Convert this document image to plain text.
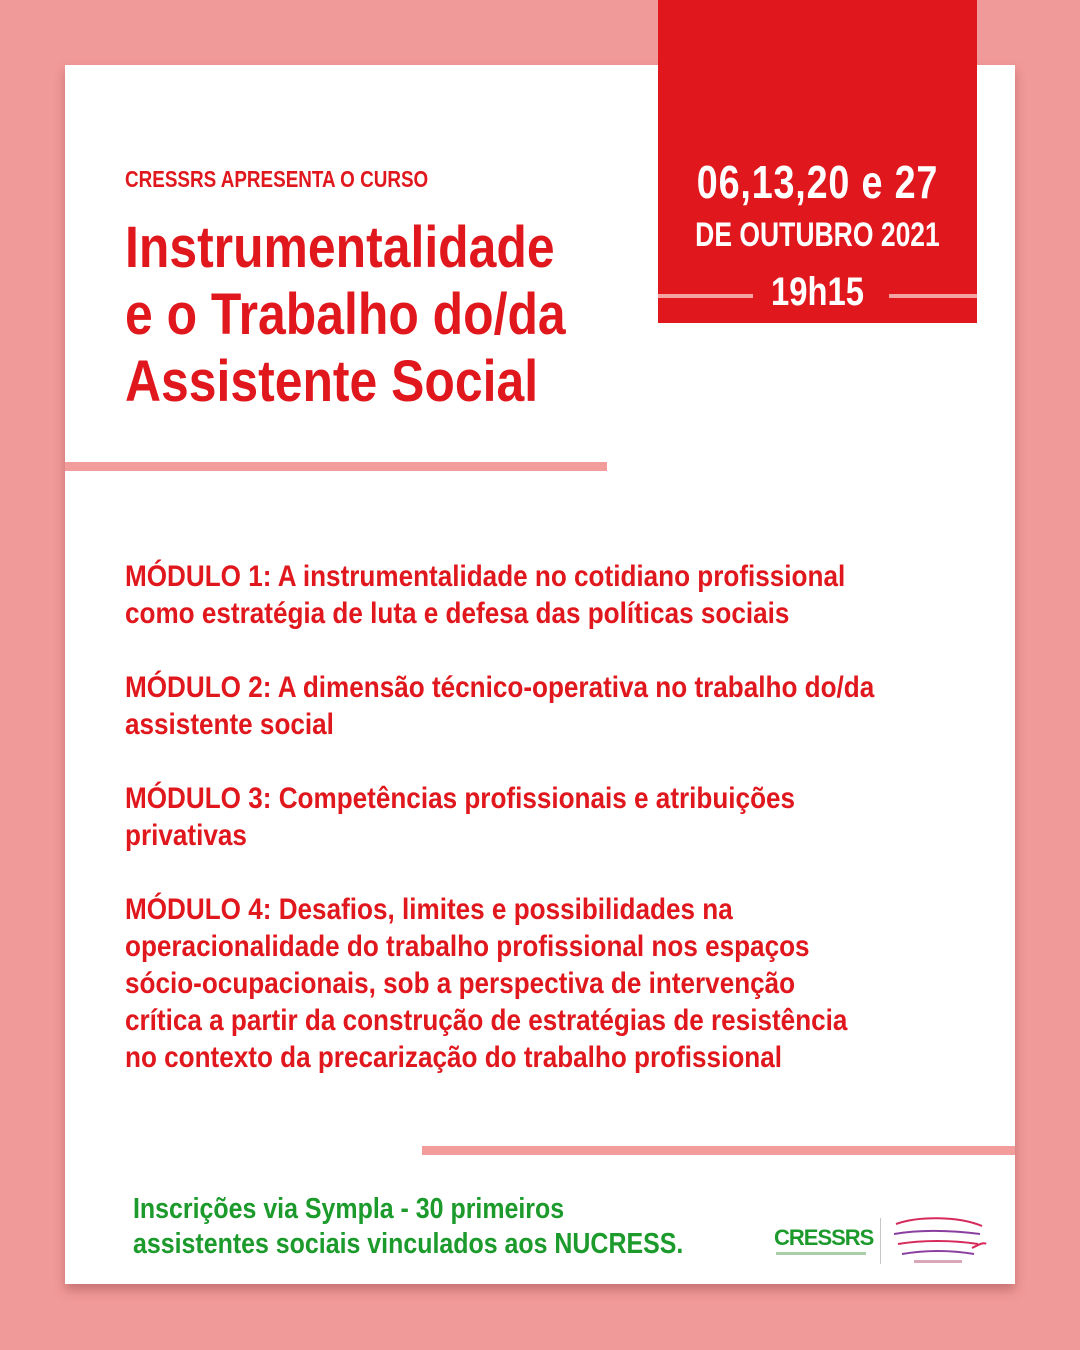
06,13,20 e 27
DE OUTUBRO 2021
19h15
CRESSRS APRESENTA O CURSO
Instrumentalidade
e o Trabalho do/da
Assistente Social
MÓDULO 1: A instrumentalidade no cotidiano profissional
como estratégia de luta e defesa das políticas sociais
MÓDULO 2: A dimensão técnico-operativa no trabalho do/da
assistente social
MÓDULO 3: Competências profissionais e atribuições
privativas
MÓDULO 4: Desafios, limites e possibilidades na
operacionalidade do trabalho profissional nos espaços
sócio-ocupacionais, sob a perspectiva de intervenção
crítica a partir da construção de estratégias de resistência
no contexto da precarização do trabalho profissional
Inscrições via Sympla - 30 primeiros
assistentes sociais vinculados aos NUCRESS.	CRESSRS
